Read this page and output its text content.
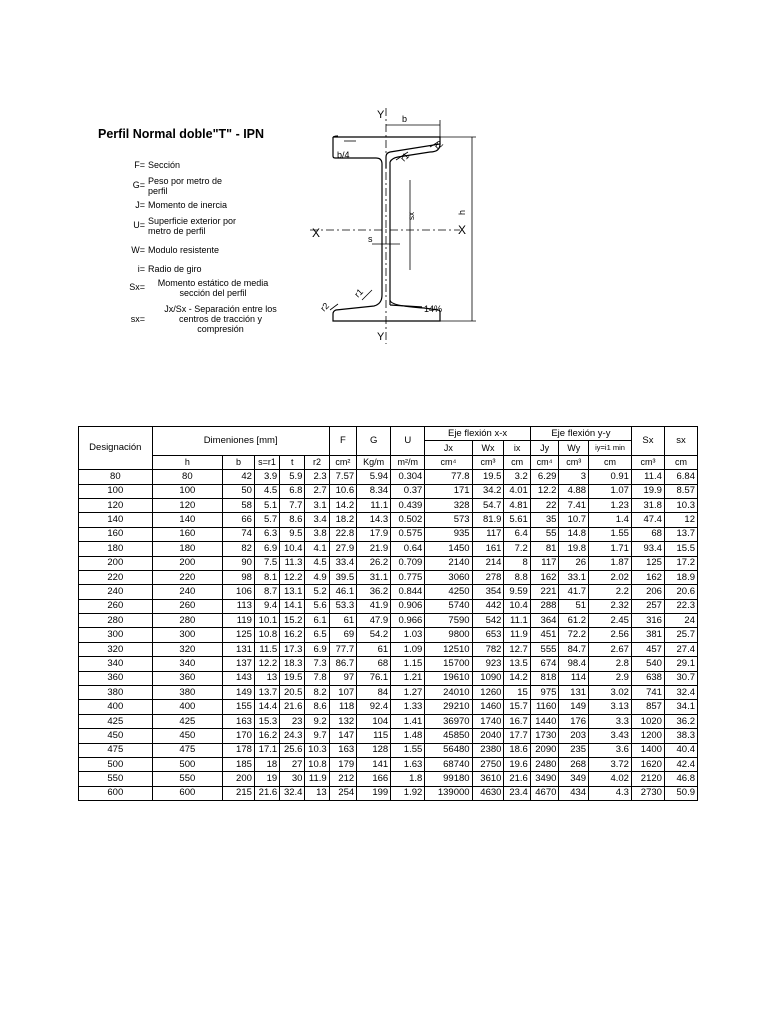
Perfil Normal doble"T" - IPN
F= Sección
G= Peso por metro de perfil
J= Momento de inercia
U= Superficie exterior por metro de perfil
W= Modulo resistente
i= Radio de giro
Sx=	Momento estático de media sección del perfil
sx=
Jx/Sx - Separación entre los centros de tracción y compresión
Y
Y
X	X
b
b/4
h
s
sx
r1
r2
r1
r2	14%
Designación	Dimeniones [mm]					F	G	U	Eje flexión x-x			Eje flexión y-y			Sx	sx
									Jx	Wx	ix	Jy	Wy	iy=i1 min		
	h	b	s=r1	t	r2	cm²	Kg/m	m²/m	cm⁴	cm³	cm	cm⁴	cm³	cm	cm³	cm
80	80	42	3.9	5.9	2.3	7.57	5.94	0.304	77.8	19.5	3.2	6.29	3	0.91	11.4	6.84
100	100	50	4.5	6.8	2.7	10.6	8.34	0.37	171	34.2	4.01	12.2	4.88	1.07	19.9	8.57
120	120	58	5.1	7.7	3.1	14.2	11.1	0.439	328	54.7	4.81	22	7.41	1.23	31.8	10.3
140	140	66	5.7	8.6	3.4	18.2	14.3	0.502	573	81.9	5.61	35	10.7	1.4	47.4	12
160	160	74	6.3	9.5	3.8	22.8	17.9	0.575	935	117	6.4	55	14.8	1.55	68	13.7
180	180	82	6.9	10.4	4.1	27.9	21.9	0.64	1450	161	7.2	81	19.8	1.71	93.4	15.5
200	200	90	7.5	11.3	4.5	33.4	26.2	0.709	2140	214	8	117	26	1.87	125	17.2
220	220	98	8.1	12.2	4.9	39.5	31.1	0.775	3060	278	8.8	162	33.1	2.02	162	18.9
240	240	106	8.7	13.1	5.2	46.1	36.2	0.844	4250	354	9.59	221	41.7	2.2	206	20.6
260	260	113	9.4	14.1	5.6	53.3	41.9	0.906	5740	442	10.4	288	51	2.32	257	22.3
280	280	119	10.1	15.2	6.1	61	47.9	0.966	7590	542	11.1	364	61.2	2.45	316	24
300	300	125	10.8	16.2	6.5	69	54.2	1.03	9800	653	11.9	451	72.2	2.56	381	25.7
320	320	131	11.5	17.3	6.9	77.7	61	1.09	12510	782	12.7	555	84.7	2.67	457	27.4
340	340	137	12.2	18.3	7.3	86.7	68	1.15	15700	923	13.5	674	98.4	2.8	540	29.1
360	360	143	13	19.5	7.8	97	76.1	1.21	19610	1090	14.2	818	114	2.9	638	30.7
380	380	149	13.7	20.5	8.2	107	84	1.27	24010	1260	15	975	131	3.02	741	32.4
400	400	155	14.4	21.6	8.6	118	92.4	1.33	29210	1460	15.7	1160	149	3.13	857	34.1
425	425	163	15.3	23	9.2	132	104	1.41	36970	1740	16.7	1440	176	3.3	1020	36.2
450	450	170	16.2	24.3	9.7	147	115	1.48	45850	2040	17.7	1730	203	3.43	1200	38.3
475	475	178	17.1	25.6	10.3	163	128	1.55	56480	2380	18.6	2090	235	3.6	1400	40.4
500	500	185	18	27	10.8	179	141	1.63	68740	2750	19.6	2480	268	3.72	1620	42.4
550	550	200	19	30	11.9	212	166	1.8	99180	3610	21.6	3490	349	4.02	2120	46.8
600	600	215	21.6	32.4	13	254	199	1.92	139000	4630	23.4	4670	434	4.3	2730	50.9
